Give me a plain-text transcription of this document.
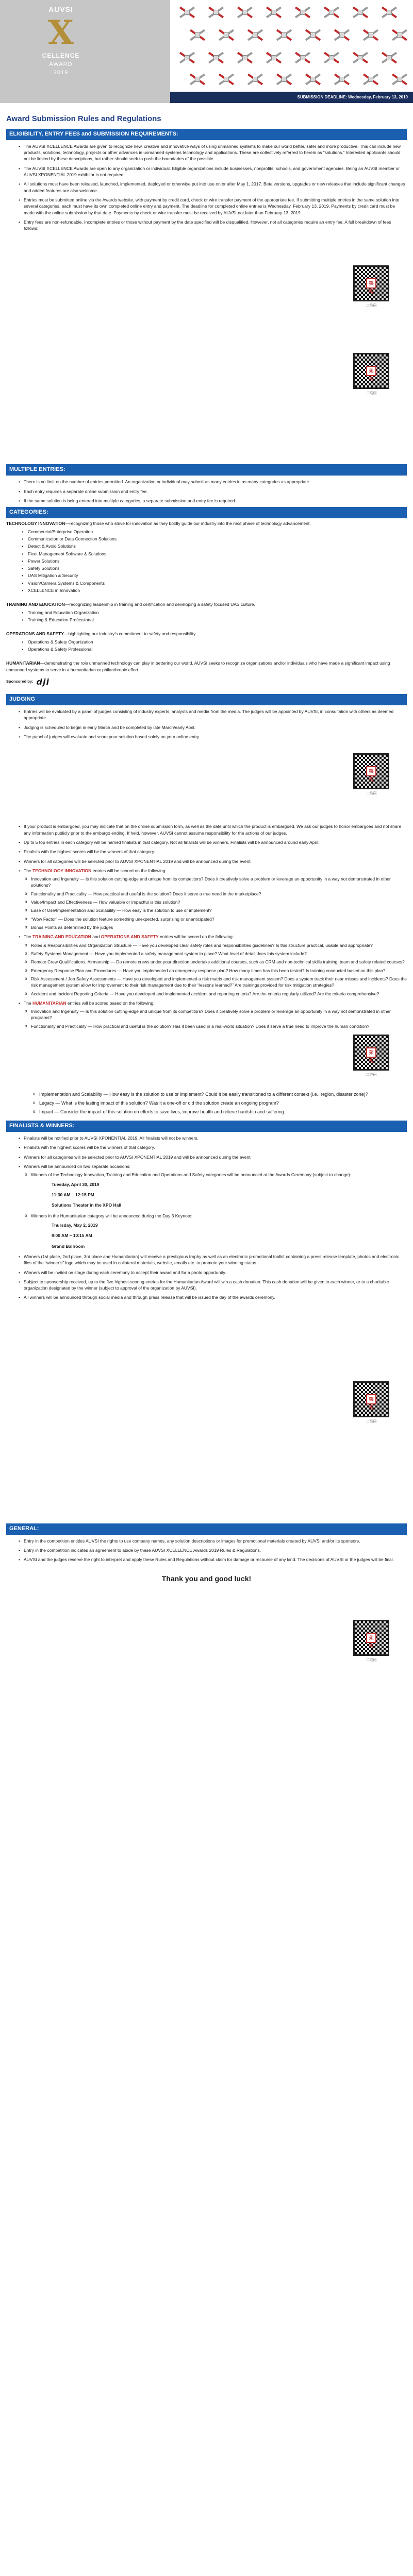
AUVSI
X
CELLENCE
AWARD
2019
SUBMISSION DEADLINE: Wednesday, February 13, 2019
Award Submission Rules and Regulations
ELIGIBILITY, ENTRY FEES and SUBMISSION REQUIREMENTS:
• The AUVSI XCELLENCE Awards are given to recognize new, creative and innovative ways of using unmanned systems to make our world better, safer and more productive. This can include new products, solutions, technology, projects or other advances in unmanned systems technology and applications. These are collectively referred to herein as “solutions.” Interested applicants should not be limited by these descriptions, but rather should seek to push the boundaries of the possible.
• The AUVSI XCELLENCE Awards are open to any organization or individual. Eligible organizations include businesses, nonprofits, schools, and government agencies. Being an AUVSI member or AUVSI XPONENTIAL 2019 exhibitor is not required.
• All solutions must have been released, launched, implemented, deployed or otherwise put into use on or after May 1, 2017. Beta versions, upgrades or new releases that include significant changes and added features are also welcome.
• Entries must be submitted online via the Awards website, with payment by credit card, check or wire transfer payment of the appropriate fee. If submitting multiple entries in the same solution into several categories, each must have its own completed online entry and payment. The deadline for completed online entries is Wednesday, February 13, 2019. Payments by credit card must be made with the online submission by that date. Payments by check or wire transfer must be received by AUVSI not later than February 13, 2019.
• Entry fees are non-refundable. Incomplete entries or those without payment by the date specified will be disqualified. However, not all categories require an entry fee. A full breakdown of fees follows:
架构
二维码
架构
二维码
MULTIPLE ENTRIES:
• There is no limit on the number of entries permitted. An organization or individual may submit as many entries in as many categories as appropriate.
• Each entry requires a separate online submission and entry fee.
• If the same solution is being entered into multiple categories, a separate submission and entry fee is required.
CATEGORIES:
TECHNOLOGY INNOVATION—recognizing those who strive for innovation as they boldly guide our industry into the next phase of technology advancement.
• Commercial/Enterprise Operation
• Communication or Data Connection Solutions
• Detect & Avoid Solutions
• Fleet Management Software & Solutions
• Power Solutions
• Safety Solutions
• UAS Mitigation & Security
• Vision/Camera Systems & Components
• XCELLENCE in Innovation
TRAINING AND EDUCATION—recognizing leadership in training and certification and developing a safety focused UAS culture.
• Training and Education Organization
• Training & Education Professional
OPERATIONS AND SAFETY—highlighting our industry’s commitment to safety and responsibility
• Operations & Safety Organization
• Operations & Safety Professional
HUMANITARIAN—demonstrating the role unmanned technology can play in bettering our world. AUVSI seeks to recognize organizations and/or individuals who have made a significant impact using unmanned systems to serve in a humanitarian or philanthropic effort.
Sponsored by: dji
JUDGING
• Entries will be evaluated by a panel of judges consisting of industry experts, analysts and media from the media. The judges will be appointed by AUVSI, in consultation with others as deemed appropriate.
• Judging is scheduled to begin in early March and be completed by late March/early April.
• The panel of judges will evaluate and score your solution based solely on your online entry.
架构
二维码
• If your product is embargoed, you may indicate that on the online submission form, as well as the date until which the product is embargoed. We ask our judges to honor embargoes and not share any information publicly prior to the embargo ending. If held, however, AUVSI cannot assume responsibility for the actions of our judges.
• Up to 5 top entries in each category will be named finalists in that category. Not all finalists will be winners. Finalists will be announced around early April.
• Finalists with the highest scores will be the winners of that category.
• Winners for all categories will be selected prior to AUVSI XPONENTIAL 2019 and will be announced during the event.
• The TECHNOLOGY INNOVATION entries will be scored on the following:
o Innovation and Ingenuity — Is this solution cutting-edge and unique from its competitors? Does it creatively solve a problem or leverage an opportunity in a way not demonstrated in other solutions?
o Functionality and Practicality — How practical and useful is the solution? Does it serve a true need in the marketplace?
o Value/Impact and Effectiveness — How valuable or impactful is this solution?
o Ease of Use/Implementation and Scalability — How easy is the solution to use or implement?
o “Wow Factor” — Does the solution feature something unexpected, surprising or unanticipated?
o Bonus Points as determined by the judges
• The TRAINING AND EDUCATION and OPERATIONS AND SAFETY entries will be scored on the following:
o Roles & Responsibilities and Organization Structure — Have you developed clear safety roles and responsibilities guidelines? Is this structure practical, usable and appropriate?
o Safety Systems Management — Have you implemented a safety management system in place? What level of detail does this system include?
o Remote Crew Qualifications, Airmanship — Do remote crews under your direction undertake additional courses, such as CRM and non-technical skills training, team and safety related courses?
o Emergency Response Plan and Procedures — Have you implemented an emergency response plan? How many times has this been tested? Is training conducted based on this plan?
o Risk Assessment / Job Safety Assessments — Have you developed and implemented a risk matrix and risk management system? Does a system track their near misses and incidents? Does the risk management system allow for improvement to their risk management due to their “lessons learned?” Are trainings provided for risk mitigation strategies?
o Accident and Incident Reporting Criteria — Have you developed and implemented accident and reporting criteria? Are the criteria regularly utilized? Are the criteria comprehensive?
• The HUMANITARIAN entries will be scored based on the following:
o Innovation and Ingenuity — Is this solution cutting-edge and unique from its competitors? Does it creatively solve a problem or leverage an opportunity in a way not demonstrated in other programs?
o Functionality and Practicality — How practical and useful is the solution? Has it been used in a real-world situation? Does it serve a true need to improve the human condition?
架构
二维码
o Implementation and Scalability — How easy is the solution to use or implement? Could it be easily transitioned to a different context (i.e., region, disaster zone)?
o Legacy — What is the lasting impact of this solution? Was it a one-off or did the solution create an ongoing program?
o Impact — Consider the impact of this solution on efforts to save lives, improve health and relieve hardship and suffering.
FINALISTS & WINNERS:
• Finalists will be notified prior to AUVSI XPONENTIAL 2019. All finalists will not be winners.
• Finalists with the highest scores will be the winners of that category.
• Winners for all categories will be selected prior to AUVSI XPONENTIAL 2019 and will be announced during the event.
• Winners will be announced on two separate occasions:
o Winners of the Technology Innovation, Training and Education and Operations and Safety categories will be announced at the Awards Ceremony (subject to change):

Tuesday, April 30, 2019

11:30 AM – 12:15 PM

Solutions Theater in the XPO Hall

o Winners in the Humanitarian category will be announced during the Day 3 Keynote:

Thursday, May 2, 2019

9:00 AM – 10:15 AM

Grand Ballroom

• Winners (1st place, 2nd place, 3rd place and Humanitarian) will receive a prestigious trophy as well as an electronic promotional toolkit containing a press release template, photos and electronic files of the “winner’s” logo which may be used in collateral materials, website, emails etc. to promote your winning status.
• Winners will be invited on stage during each ceremony to accept their award and for a photo opportunity.
• Subject to sponsorship received, up to the five highest-scoring entries for the Humanitarian Award will win a cash donation. This cash donation will be given to each winner, or to a charitable organization designated by the winner (subject to approval of the organization by AUVSI).
• All winners will be announced through social media and through press release that will be issued the day of the awards ceremony.
架构
二维码
GENERAL:
• Entry in the competition entitles AUVSI the rights to use company names, any solution descriptions or images for promotional materials created by AUVSI and/or its sponsors.
• Entry in the competition indicates an agreement to abide by these AUVSI XCELLENCE Awards 2019 Rules & Regulations.
• AUVSI and the judges reserve the right to interpret and apply these Rules and Regulations without claim for damage or recourse of any kind. The decisions of AUVSI or the judges will be final.
Thank you and good luck!
架构
二维码
